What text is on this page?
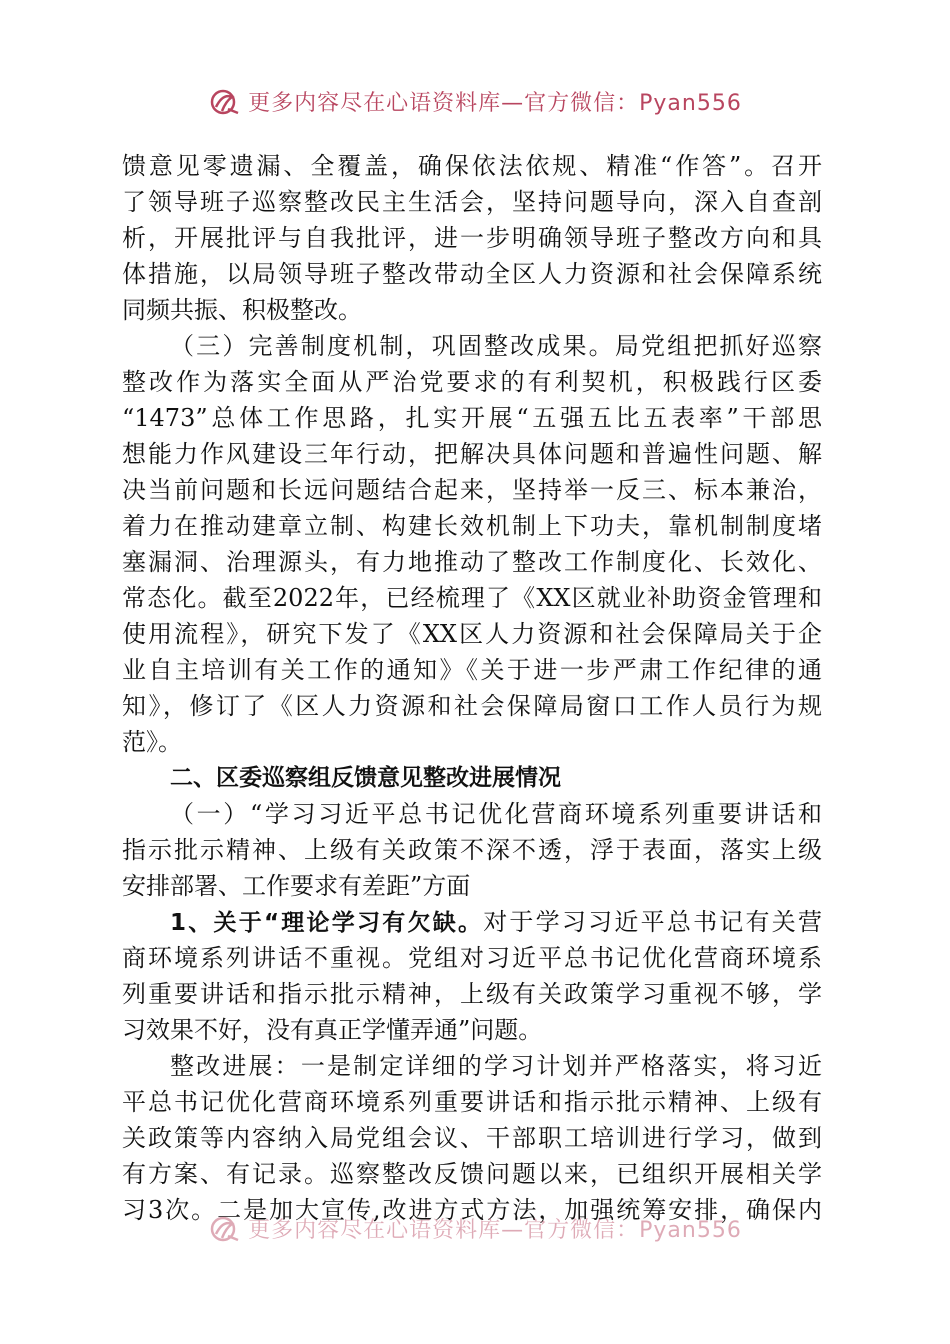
更多内容尽在心语资料库—官方微信：Pyan556
馈意见零遗漏、全覆盖，确保依法依规、精准“作答”。召开
了领导班子巡察整改民主生活会，坚持问题导向，深入自查剖
析，开展批评与自我批评，进一步明确领导班子整改方向和具
体措施，以局领导班子整改带动全区人力资源和社会保障系统
同频共振、积极整改。
（三）完善制度机制，巩固整改成果。局党组把抓好巡察
整改作为落实全面从严治党要求的有利契机，积极践行区委
“1473”总体工作思路，扎实开展“五强五比五表率”干部思
想能力作风建设三年行动，把解决具体问题和普遍性问题、解
决当前问题和长远问题结合起来，坚持举一反三、标本兼治，
着力在推动建章立制、构建长效机制上下功夫，靠机制制度堵
塞漏洞、治理源头，有力地推动了整改工作制度化、长效化、
常态化。截至2022年，已经梳理了《XX区就业补助资金管理和
使用流程》，研究下发了《XX区人力资源和社会保障局关于企
业自主培训有关工作的通知》《关于进一步严肃工作纪律的通
知》，修订了《区人力资源和社会保障局窗口工作人员行为规
范》。
二、区委巡察组反馈意见整改进展情况
（一）“学习习近平总书记优化营商环境系列重要讲话和
指示批示精神、上级有关政策不深不透，浮于表面，落实上级
安排部署、工作要求有差距”方面
1、关于“理论学习有欠缺。对于学习习近平总书记有关营
商环境系列讲话不重视。党组对习近平总书记优化营商环境系
列重要讲话和指示批示精神，上级有关政策学习重视不够，学
习效果不好，没有真正学懂弄通”问题。
整改进展：一是制定详细的学习计划并严格落实，将习近
平总书记优化营商环境系列重要讲话和指示批示精神、上级有
关政策等内容纳入局党组会议、干部职工培训进行学习，做到
有方案、有记录。巡察整改反馈问题以来，已组织开展相关学
习3次。二是加大宣传,改进方式方法，加强统筹安排，确保内
更多内容尽在心语资料库—官方微信：Pyan556
